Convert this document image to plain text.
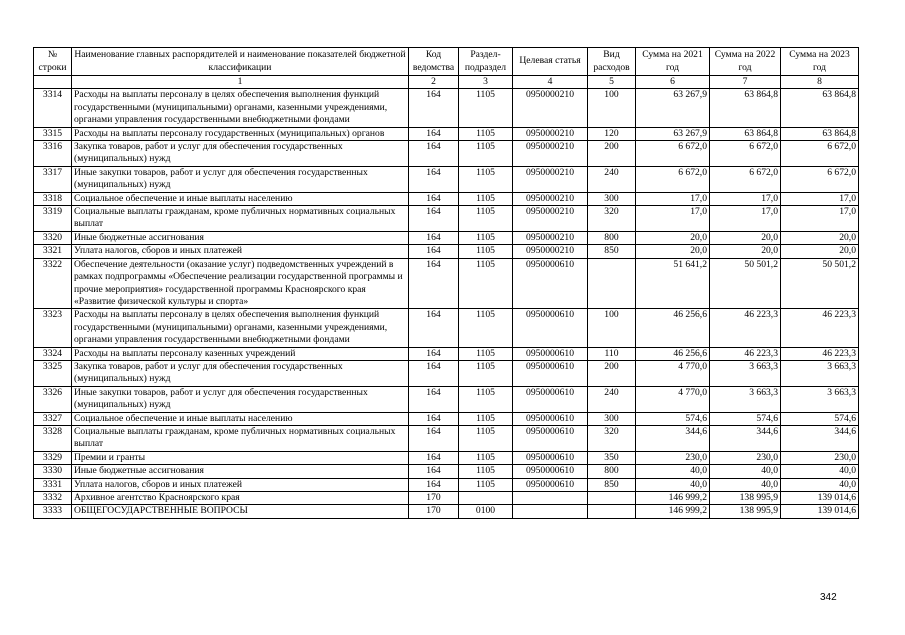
№ строки	Наименование главных распорядителей и наименование показателей бюджетной классификации	Код ведомства	Раздел-подраздел	Целевая статья	Вид расходов	Сумма на 2021 год	Сумма на 2022 год	Сумма на 2023 год
	1	2	3	4	5	6	7	8
3314	Расходы на выплаты персоналу в целях обеспечения выполнения функций государственными (муниципальными) органами, казенными учреждениями, органами управления государственными внебюджетными фондами	164	1105	0950000210	100	63 267,9	63 864,8	63 864,8
3315	Расходы на выплаты персоналу государственных (муниципальных) органов	164	1105	0950000210	120	63 267,9	63 864,8	63 864,8
3316	Закупка товаров, работ и услуг для обеспечения государственных (муниципальных) нужд	164	1105	0950000210	200	6 672,0	6 672,0	6 672,0
3317	Иные закупки товаров, работ и услуг для обеспечения государственных (муниципальных) нужд	164	1105	0950000210	240	6 672,0	6 672,0	6 672,0
3318	Социальное обеспечение и иные выплаты населению	164	1105	0950000210	300	17,0	17,0	17,0
3319	Социальные выплаты гражданам, кроме публичных нормативных социальных выплат	164	1105	0950000210	320	17,0	17,0	17,0
3320	Иные бюджетные ассигнования	164	1105	0950000210	800	20,0	20,0	20,0
3321	Уплата налогов, сборов и иных платежей	164	1105	0950000210	850	20,0	20,0	20,0
3322	Обеспечение деятельности (оказание услуг) подведомственных учреждений в рамках подпрограммы «Обеспечение реализации государственной программы и прочие мероприятия» государственной программы Красноярского края «Развитие физической культуры и спорта»	164	1105	0950000610		51 641,2	50 501,2	50 501,2
3323	Расходы на выплаты персоналу в целях обеспечения выполнения функций государственными (муниципальными) органами, казенными учреждениями, органами управления государственными внебюджетными фондами	164	1105	0950000610	100	46 256,6	46 223,3	46 223,3
3324	Расходы на выплаты персоналу казенных учреждений	164	1105	0950000610	110	46 256,6	46 223,3	46 223,3
3325	Закупка товаров, работ и услуг для обеспечения государственных (муниципальных) нужд	164	1105	0950000610	200	4 770,0	3 663,3	3 663,3
3326	Иные закупки товаров, работ и услуг для обеспечения государственных (муниципальных) нужд	164	1105	0950000610	240	4 770,0	3 663,3	3 663,3
3327	Социальное обеспечение и иные выплаты населению	164	1105	0950000610	300	574,6	574,6	574,6
3328	Социальные выплаты гражданам, кроме публичных нормативных социальных выплат	164	1105	0950000610	320	344,6	344,6	344,6
3329	Премии и гранты	164	1105	0950000610	350	230,0	230,0	230,0
3330	Иные бюджетные ассигнования	164	1105	0950000610	800	40,0	40,0	40,0
3331	Уплата налогов, сборов и иных платежей	164	1105	0950000610	850	40,0	40,0	40,0
3332	Архивное агентство Красноярского края	170				146 999,2	138 995,9	139 014,6
3333	ОБЩЕГОСУДАРСТВЕННЫЕ ВОПРОСЫ	170	0100			146 999,2	138 995,9	139 014,6
342
